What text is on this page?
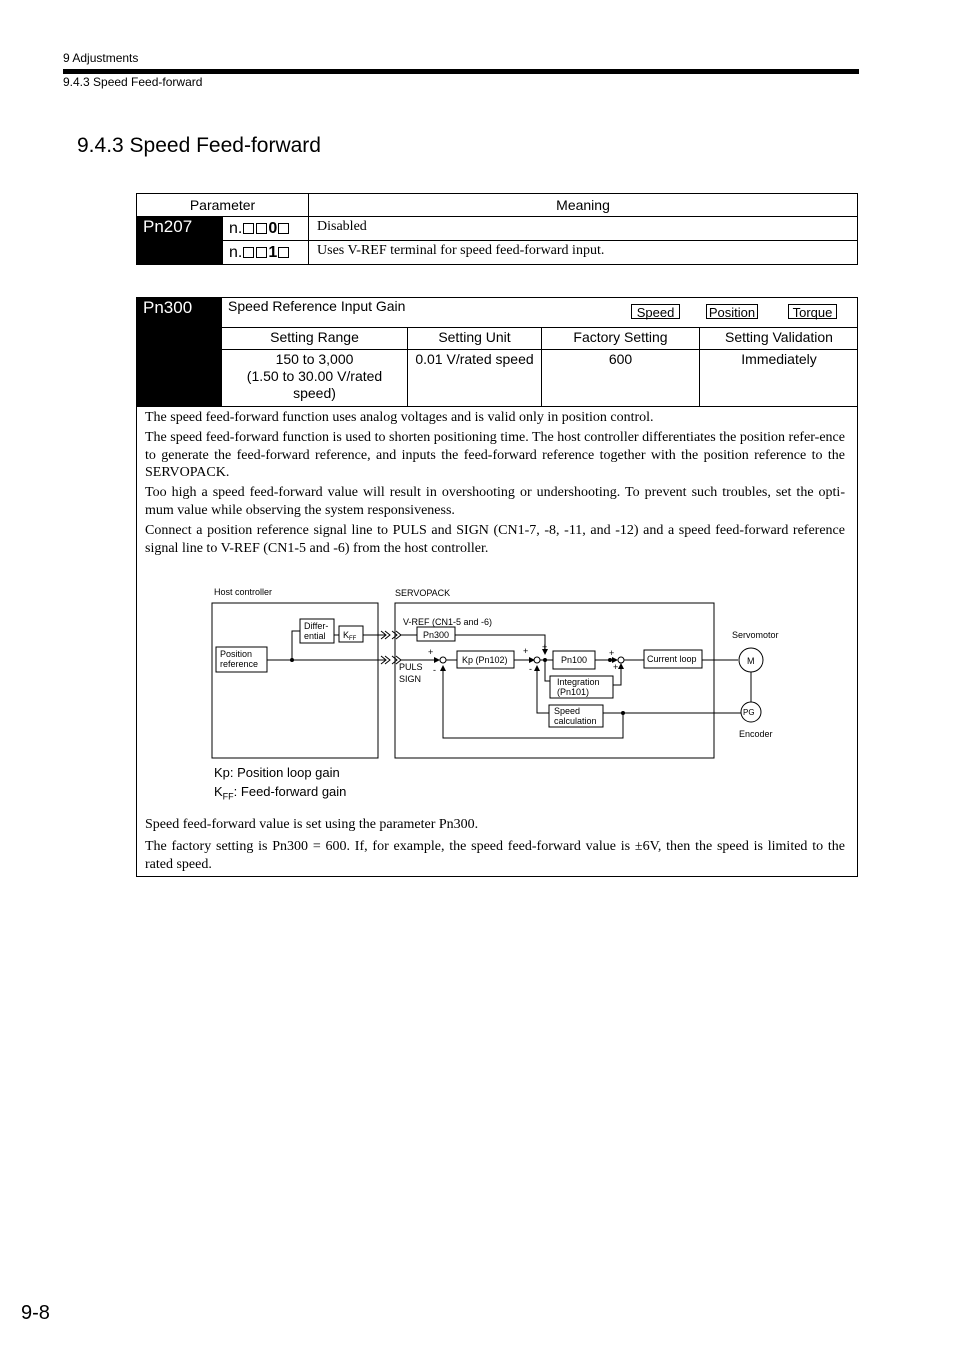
9 Adjustments
9.4.3 Speed Feed-forward
9.4.3 Speed Feed-forward
Parameter		Meaning
Pn207	n. 0	Disabled
	n. 1	Uses V-REF terminal for speed feed-forward input.
Pn300	Speed Reference Input Gain	Speed	Position	Torque
Setting Range	Setting Unit	Factory Setting	Setting Validation
150 to 3,000
(1.50 to 30.00 V/rated
speed)
0.01 V/rated speed	600	Immediately
The speed feed-forward function uses analog voltages and is valid only in position control.
The speed feed-forward function is used to shorten positioning time. The host controller differentiates the position refer-ence to generate the feed-forward reference, and inputs the feed-forward reference together with the position reference to the SERVOPACK.
Too high a speed feed-forward value will result in overshooting or undershooting. To prevent such troubles, set the opti-mum value while observing the system responsiveness.
Connect a position reference signal line to PULS and SIGN (CN1-7, -8, -11, and -12) and a speed feed-forward reference signal line to V-REF (CN1-5 and -6) from the host controller.
Host controller	SERVOPACK
Position
reference
Differ-
ential $K_{FF}$
V-REF (CN1-5 and -6)
Pn300
PULS
SIGN
+
-
Kp (Pn102)
+ +
-
Pn100
+
+
Integration
(Pn101)
Current loop
Servomotor
M
PG
Encoder
Speed
calculation
Kp: Position loop gain
$K_{FF}$: Feed-forward gain
Speed feed-forward value is set using the parameter Pn300.
The factory setting is Pn300 = 600. If, for example, the speed feed-forward value is ±6V, then the speed is limited to the rated speed.
9-8
